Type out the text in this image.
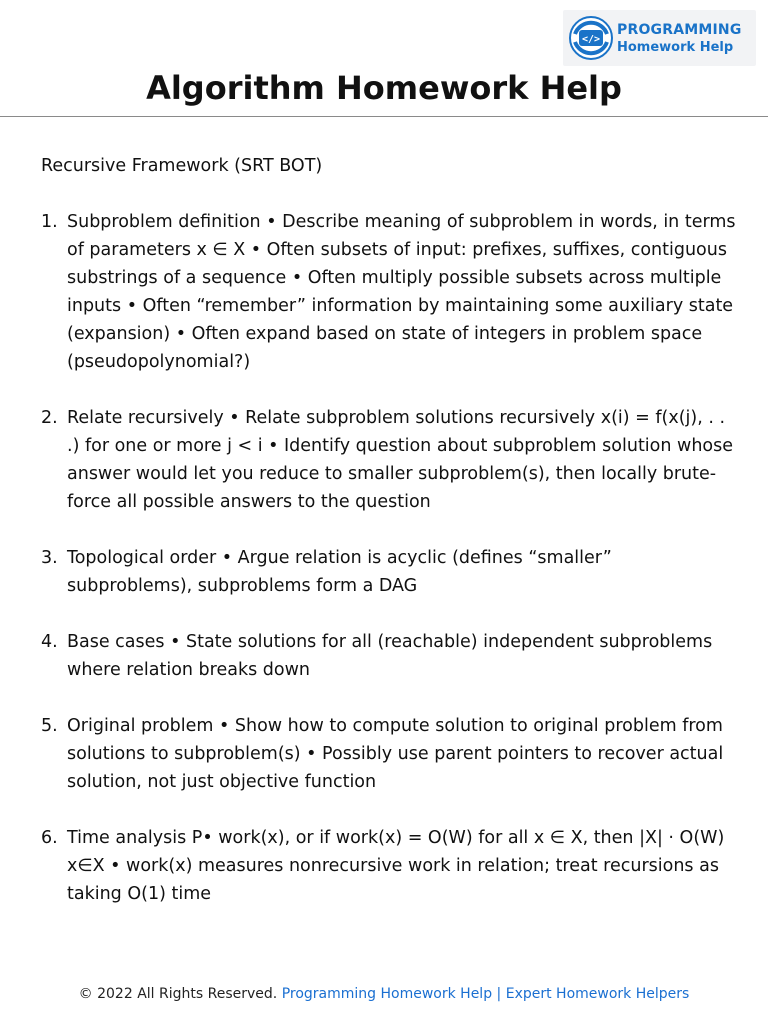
</>
PROGRAMMING
Homework Help
Algorithm Homework Help

Recursive Framework (SRT BOT)

1. Subproblem definition • Describe meaning of subproblem in words, in terms of parameters x ∈ X • Often subsets of input: prefixes, suffixes, contiguous substrings of a sequence • Often multiply possible subsets across multiple inputs • Often “remember” information by maintaining some auxiliary state (expansion) • Often expand based on state of integers in problem space (pseudopolynomial?)
2. Relate recursively • Relate subproblem solutions recursively x(i) = f(x(j), . . .) for one or more j < i • Identify question about subproblem solution whose answer would let you reduce to smaller subproblem(s), then locally brute-force all possible answers to the question
3. Topological order • Argue relation is acyclic (defines “smaller” subproblems), subproblems form a DAG
4. Base cases • State solutions for all (reachable) independent subproblems where relation breaks down
5. Original problem • Show how to compute solution to original problem from solutions to subproblem(s) • Possibly use parent pointers to recover actual solution, not just objective function
6. Time analysis P• work(x), or if work(x) = O(W) for all x ∈ X, then |X| · O(W) x∈X • work(x) measures nonrecursive work in relation; treat recursions as taking O(1) time
© 2022 All Rights Reserved. Programming Homework Help | Expert Homework Helpers
